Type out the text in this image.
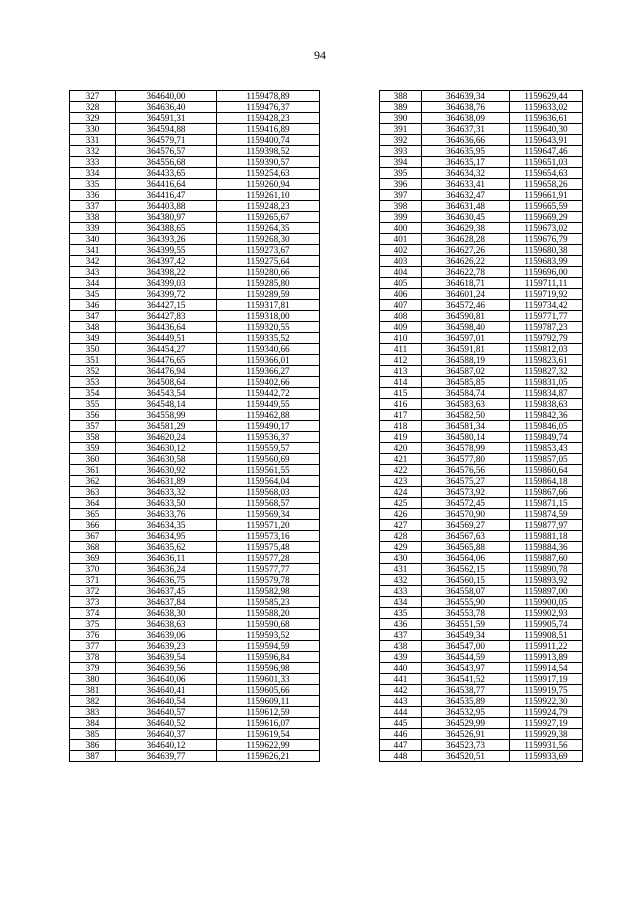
94
327	364640,00	1159478,89
328	364636,40	1159476,37
329	364591,31	1159428,23
330	364594,88	1159416,89
331	364579,71	1159400,74
332	364576,57	1159398,52
333	364556,68	1159390,57
334	364433,65	1159254,63
335	364416,64	1159260,94
336	364416,47	1159261,10
337	364403,88	1159248,23
338	364380,97	1159265,67
339	364388,65	1159264,35
340	364393,26	1159268,30
341	364399,55	1159273,67
342	364397,42	1159275,64
343	364398,22	1159280,66
344	364399,03	1159285,80
345	364399,72	1159289,59
346	364427,15	1159317,81
347	364427,83	1159318,00
348	364436,64	1159320,55
349	364449,51	1159335,52
350	364454,27	1159340,66
351	364476,65	1159366,01
352	364476,94	1159366,27
353	364508,64	1159402,66
354	364543,54	1159442,72
355	364548,14	1159449,55
356	364558,99	1159462,88
357	364581,29	1159490,17
358	364620,24	1159536,37
359	364630,12	1159559,57
360	364630,58	1159560,69
361	364630,92	1159561,55
362	364631,89	1159564,04
363	364633,32	1159568,03
364	364633,50	1159568,57
365	364633,76	1159569,34
366	364634,35	1159571,20
367	364634,95	1159573,16
368	364635,62	1159575,48
369	364636,11	1159577,28
370	364636,24	1159577,77
371	364636,75	1159579,78
372	364637,45	1159582,98
373	364637,84	1159585,23
374	364638,30	1159588,20
375	364638,63	1159590,68
376	364639,06	1159593,52
377	364639,23	1159594,59
378	364639,54	1159596,84
379	364639,56	1159596,98
380	364640,06	1159601,33
381	364640,41	1159605,66
382	364640,54	1159609,11
383	364640,57	1159612,59
384	364640,52	1159616,07
385	364640,37	1159619,54
386	364640,12	1159622,99
387	364639,77	1159626,21
388	364639,34	1159629,44
389	364638,76	1159633,02
390	364638,09	1159636,61
391	364637,31	1159640,30
392	364636,66	1159643,91
393	364635,95	1159647,46
394	364635,17	1159651,03
395	364634,32	1159654,63
396	364633,41	1159658,26
397	364632,47	1159661,91
398	364631,48	1159665,59
399	364630,45	1159669,29
400	364629,38	1159673,02
401	364628,28	1159676,79
402	364627,26	1159680,38
403	364626,22	1159683,99
404	364622,78	1159696,00
405	364618,71	1159711,11
406	364601,24	1159719,92
407	364572,46	1159734,42
408	364590,81	1159771,77
409	364598,40	1159787,23
410	364597,01	1159792,79
411	364591,81	1159812,03
412	364588,19	1159823,61
413	364587,02	1159827,32
414	364585,85	1159831,05
415	364584,74	1159834,87
416	364583,63	1159838,63
417	364582,50	1159842,36
418	364581,34	1159846,05
419	364580,14	1159849,74
420	364578,99	1159853,43
421	364577,80	1159857,05
422	364576,56	1159860,64
423	364575,27	1159864,18
424	364573,92	1159867,66
425	364572,45	1159871,15
426	364570,90	1159874,59
427	364569,27	1159877,97
428	364567,63	1159881,18
429	364565,88	1159884,36
430	364564,06	1159887,60
431	364562,15	1159890,78
432	364560,15	1159893,92
433	364558,07	1159897,00
434	364555,90	1159900,05
435	364553,78	1159902,93
436	364551,59	1159905,74
437	364549,34	1159908,51
438	364547,00	1159911,22
439	364544,59	1159913,89
440	364543,97	1159914,54
441	364541,52	1159917,19
442	364538,77	1159919,75
443	364535,89	1159922,30
444	364532,95	1159924,79
445	364529,99	1159927,19
446	364526,91	1159929,38
447	364523,73	1159931,56
448	364520,51	1159933,69
